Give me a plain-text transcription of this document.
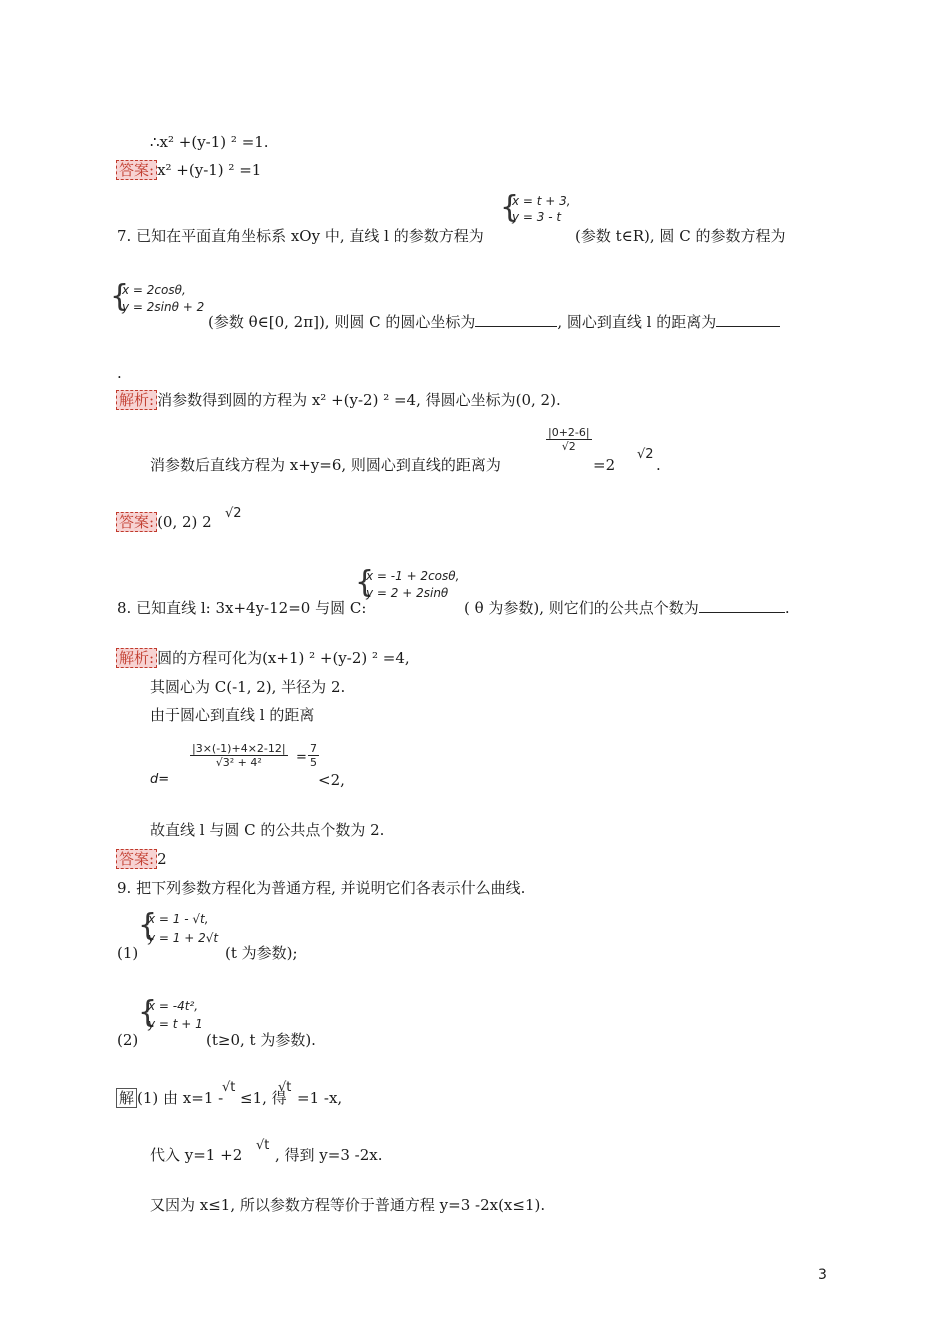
∴x² +(y-1) ² =1.
答案: x² +(y-1) ² =1
{
x = t + 3,
y = 3 - t
7. 已知在平面直角坐标系 xOy 中, 直线 l 的参数方程为	(参数 t∈R), 圆 C 的参数方程为
{
x = 2cosθ,
y = 2sinθ + 2
(参数 θ∈[0, 2π]), 则圆 C 的圆心坐标为	, 圆心到直线 l 的距离为
.
解析: 消参数得到圆的方程为 x² +(y-2) ² =4, 得圆心坐标为(0, 2).
$\frac{|0+2-6|}{√2}$
消参数后直线方程为 x+y=6, 则圆心到直线的距离为	=2
√2
.
答案: (0, 2) 2 √2
{
x = -1 + 2cosθ,
y = 2 + 2sinθ
8. 已知直线 l: 3x+4y-12=0 与圆 C:	( θ 为参数), 则它们的公共点个数为	.
解析: 圆的方程可化为(x+1) ² +(y-2) ² =4,
其圆心为 C(-1, 2), 半径为 2.
由于圆心到直线 l 的距离
$\frac{|3\times(-1)+4\times 2-12|}{\text{√3² + 4²}} = \frac{7}{5}$
d=	<2,
故直线 l 与圆 C 的公共点个数为 2.
答案: 2
9. 把下列参数方程化为普通方程, 并说明它们各表示什么曲线.
{
x = 1 - √t,
y = 1 + 2√t
(1)	(t 为参数);
{
x = -4t²,
y = t + 1
(2)	(t≥0, t 为参数).
解 (1) 由 x=1 -
√t
≤1, 得
√t
=1 -x,
代入 y=1 +2
√t
, 得到 y=3 -2x.
又因为 x≤1, 所以参数方程等价于普通方程 y=3 -2x(x≤1).
3
